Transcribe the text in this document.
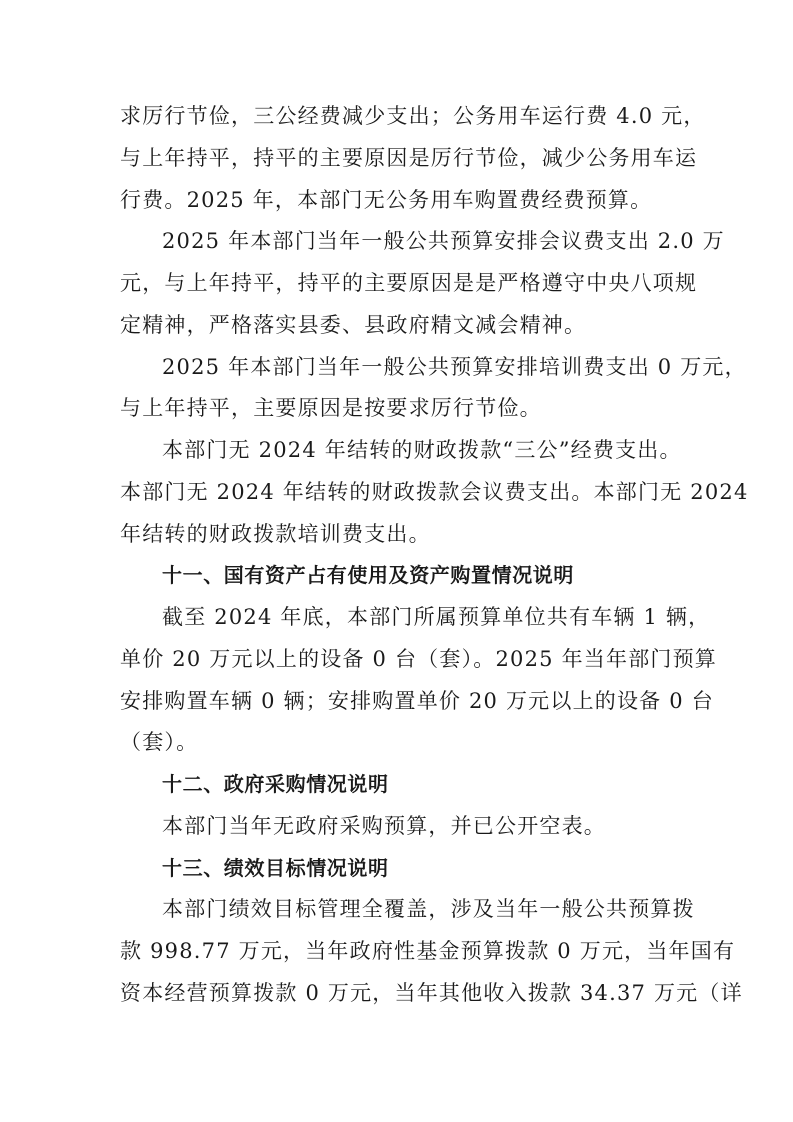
求厉行节俭，三公经费减少支出；公务用车运行费 4.0 元，
与上年持平，持平的主要原因是厉行节俭，减少公务用车运
行费。2025 年，本部门无公务用车购置费经费预算。
2025 年本部门当年一般公共预算安排会议费支出 2.0 万
元，与上年持平，持平的主要原因是是严格遵守中央八项规
定精神，严格落实县委、县政府精文减会精神。
2025 年本部门当年一般公共预算安排培训费支出 0 万元，
与上年持平，主要原因是按要求厉行节俭。
本部门无 2024 年结转的财政拨款“三公”经费支出。
本部门无 2024 年结转的财政拨款会议费支出。本部门无 2024
年结转的财政拨款培训费支出。
十一、国有资产占有使用及资产购置情况说明
截至 2024 年底，本部门所属预算单位共有车辆 1 辆，
单价 20 万元以上的设备 0 台（套）。2025 年当年部门预算
安排购置车辆 0 辆；安排购置单价 20 万元以上的设备 0 台
（套）。
十二、政府采购情况说明
本部门当年无政府采购预算，并已公开空表。
十三、绩效目标情况说明
本部门绩效目标管理全覆盖，涉及当年一般公共预算拨
款 998.77 万元，当年政府性基金预算拨款 0 万元，当年国有
资本经营预算拨款 0 万元，当年其他收入拨款 34.37 万元（详
